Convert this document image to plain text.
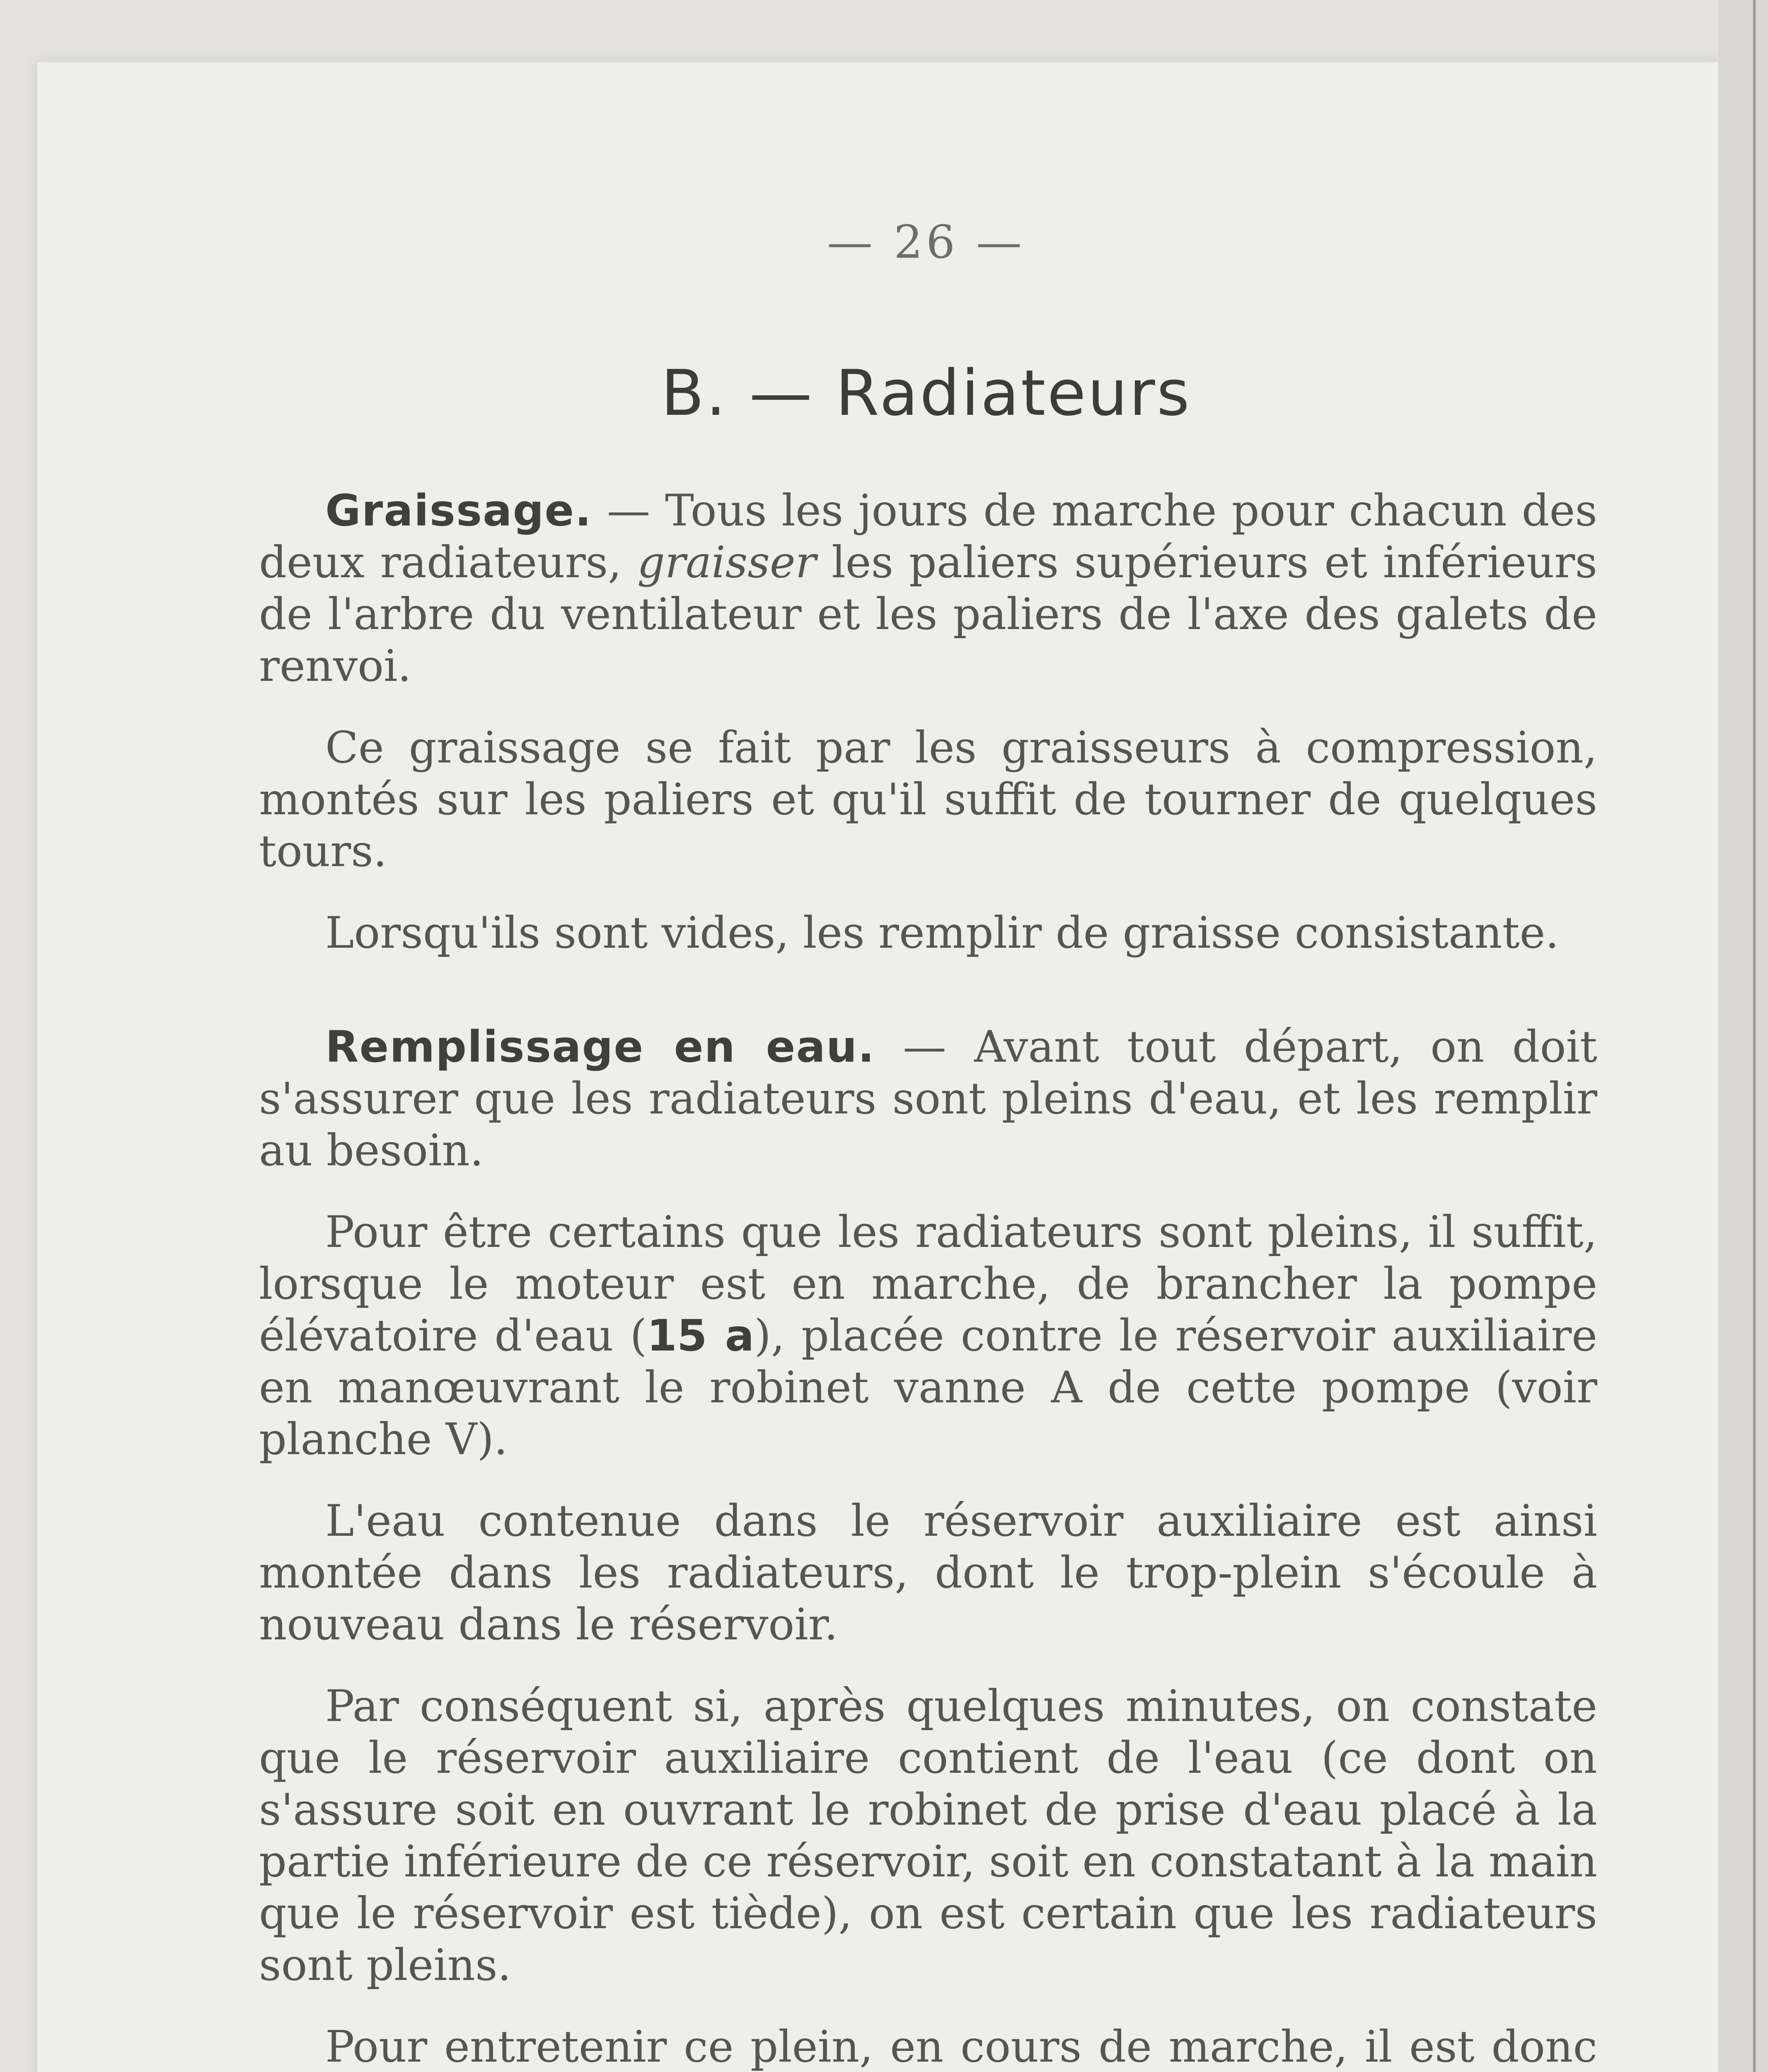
— 26 —
B. — Radiateurs

Graissage. — Tous les jours de marche pour chacun des deux radiateurs, graisser les paliers supérieurs et inférieurs de l'arbre du ventilateur et les paliers de l'axe des galets de renvoi.

Ce graissage se fait par les graisseurs à compression, montés sur les paliers et qu'il suffit de tourner de quelques tours.

Lorsqu'ils sont vides, les remplir de graisse consistante.

Remplissage en eau. — Avant tout départ, on doit s'assurer que les radiateurs sont pleins d'eau, et les remplir au besoin.

Pour être certains que les radiateurs sont pleins, il suffit, lorsque le moteur est en marche, de brancher la pompe élévatoire d'eau (15 a), placée contre le réservoir auxiliaire en manœuvrant le robinet vanne A de cette pompe (voir planche V).

L'eau contenue dans le réservoir auxiliaire est ainsi montée dans les radiateurs, dont le trop-plein s'écoule à nouveau dans le réservoir.

Par conséquent si, après quelques minutes, on constate que le réservoir auxiliaire contient de l'eau (ce dont on s'assure soit en ouvrant le robinet de prise d'eau placé à la partie inférieure de ce réservoir, soit en constatant à la main que le réservoir est tiède), on est certain que les radiateurs sont pleins.

Pour entretenir ce plein, en cours de marche, il est donc
